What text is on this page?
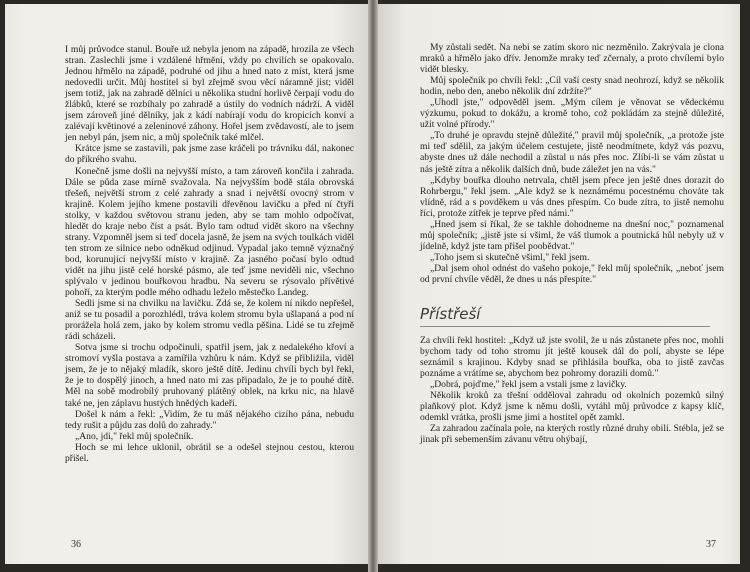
I můj průvodce stanul. Bouře už nebyla jenom na západě, hrozila ze všech stran. Zaslechli jsme i vzdálené hřmění, vždy po chvilích se opakovalo. Jednou hřmělo na západě, podruhé od jihu a hned nato z míst, která jsme nedovedli určit. Můj hostitel si byl zřejmě svou věcí náramně jist; viděl jsem totiž, jak na zahradě dělníci u několika studní horlivě čerpají vodu do žlábků, které se rozbíhaly po zahradě a ústily do vodních nádrží. A viděl jsem zároveň jiné dělníky, jak z kádí nabírají vodu do kropicích konví a zalévají květinové a zeleninové záhony. Hořel jsem zvědavostí, ale to jsem jen nebyl pán, jsem nic, a můj společník také mlčel.

Krátce jsme se zastavili, pak jsme zase kráčeli po trávníku dál, nakonec do příkrého svahu.

Konečně jsme došli na nejvyšší místo, a tam zároveň končila i zahrada. Dále se půda zase mírně svažovala. Na nejvyšším bodě stála obrovská třešeň, největší strom z celé zahrady a snad i největší ovocný strom v krajině. Kolem jejího kmene postavili dřevěnou lavičku a před ní čtyři stolky, v každou světovou stranu jeden, aby se tam mohlo odpočívat, hledět do kraje nebo číst a psát. Bylo tam odtud vidět skoro na všechny strany. Vzpomněl jsem si teď docela jasně, že jsem na svých toulkách viděl ten strom ze silnice nebo odněkud odjinud. Vypadal jako temně význačný bod, korunující nejvyšší místo v krajině. Za jasného počasí bylo odtud vidět na jihu jistě celé horské pásmo, ale teď jsme neviděli nic, všechno splývalo v jedinou bouřkovou hradbu. Na severu se rýsovalo přívětivé pohoří, za kterým podle mého odhadu leželo městečko Landeg.

Sedli jsme si na chvilku na lavičku. Zdá se, že kolem ní nikdo nepřešel, aniž se tu posadil a porozhlédl, tráva kolem stromu byla ušlapaná a pod ní prorážela holá zem, jako by kolem stromu vedla pěšina. Lidé se tu zřejmě rádi scházeli.

Sotva jsme si trochu odpočinuli, spatřil jsem, jak z nedalekého křoví a stromoví vyšla postava a zamířila vzhůru k nám. Když se přibližila, viděl jsem, že je to nějaký mladík, skoro ještě dítě. Jedinu chvíli bych byl řekl, že je to dospělý jinoch, a hned nato mi zas připadalo, že je to pouhé dítě. Měl na sobě modrobílý pruhovaný plátěný oblek, na krku nic, na hlavě také ne, jen záplavu hustých hnědých kadeří.

Došel k nám a řekl: „Vidím, že tu máš nějakého cizího pána, nebudu tedy rušit a půjdu zas dolů do zahrady."

„Ano, jdi," řekl můj společník.

Hoch se mi lehce uklonil, obrátil se a odešel stejnou cestou, kterou přišel.

36

My zůstali sedět. Na nebi se zatím skoro nic nezměnilo. Zakrývala je clona mraků a hřmělo jako dřív. Jenomže mraky teď zčernaly, a proto chvílemi bylo vidět blesky.

Můj společník po chvíli řekl: „Cíl vaší cesty snad neohrozí, když se několik hodin, nebo den, anebo několik dní zdržíte?"

„Uhodl jste," odpověděl jsem. „Mým cílem je věnovat se vědeckému výzkumu, pokud to dokážu, a kromě toho, což pokládám za stejně důležité, užít volné přírody."

„To druhé je opravdu stejně důležité," pravil můj společník, „a protože jste mi teď sdělil, za jakým účelem cestujete, jistě neodmítnete, když vás pozvu, abyste dnes už dále nechodil a zůstal u nás přes noc. Zlíbí-li se vám zůstat u nás ještě zítra a několik dalších dnů, bude záležet jen na vás."

„Kdyby bouřka dlouho netrvala, chtěl jsem přece jen ještě dnes dorazit do Rohrbergu," řekl jsem. „Ale když se k neznámému pocestnému chováte tak vlídně, rád a s povděkem u vás dnes přespím. Co bude zítra, to jistě nemohu říci, protože zítřek je teprve před námi."

„Hned jsem si říkal, že se takhle dohodneme na dnešní noc," poznamenal můj společník; „jistě jste si všiml, že váš tlumok a poutnická hůl nebyly už v jídelně, když jste tam přišel poobědvat."

„Toho jsem si skutečně všiml," řekl jsem.

„Dal jsem ohol odnést do vašeho pokoje," řekl můj společník, „neboť jsem od první chvíle věděl, že dnes u nás přespíte."

Přístřeší

Za chvíli řekl hostitel: „Když už jste svolil, že u nás zůstanete přes noc, mohli bychom tady od toho stromu jít ještě kousek dál do polí, abyste se lépe seznámil s krajinou. Kdyby snad se přihlásila bouřka, oba to jistě zavčas poznáme a vrátíme se, abychom bez pohromy dorazili domů."

„Dobrá, pojďme," řekl jsem a vstali jsme z lavičky.

Několik kroků za třešní odděloval zahradu od okolních pozemků silný plaňkový plot. Když jsme k němu došli, vytáhl můj průvodce z kapsy klíč, odemkl vrátka, prošli jsme jimi a hostitel opět zamkl.

Za zahradou začínala pole, na kterých rostly různé druhy obilí. Stébla, jež se jinak při sebemenším závanu větru ohýbají,

37
